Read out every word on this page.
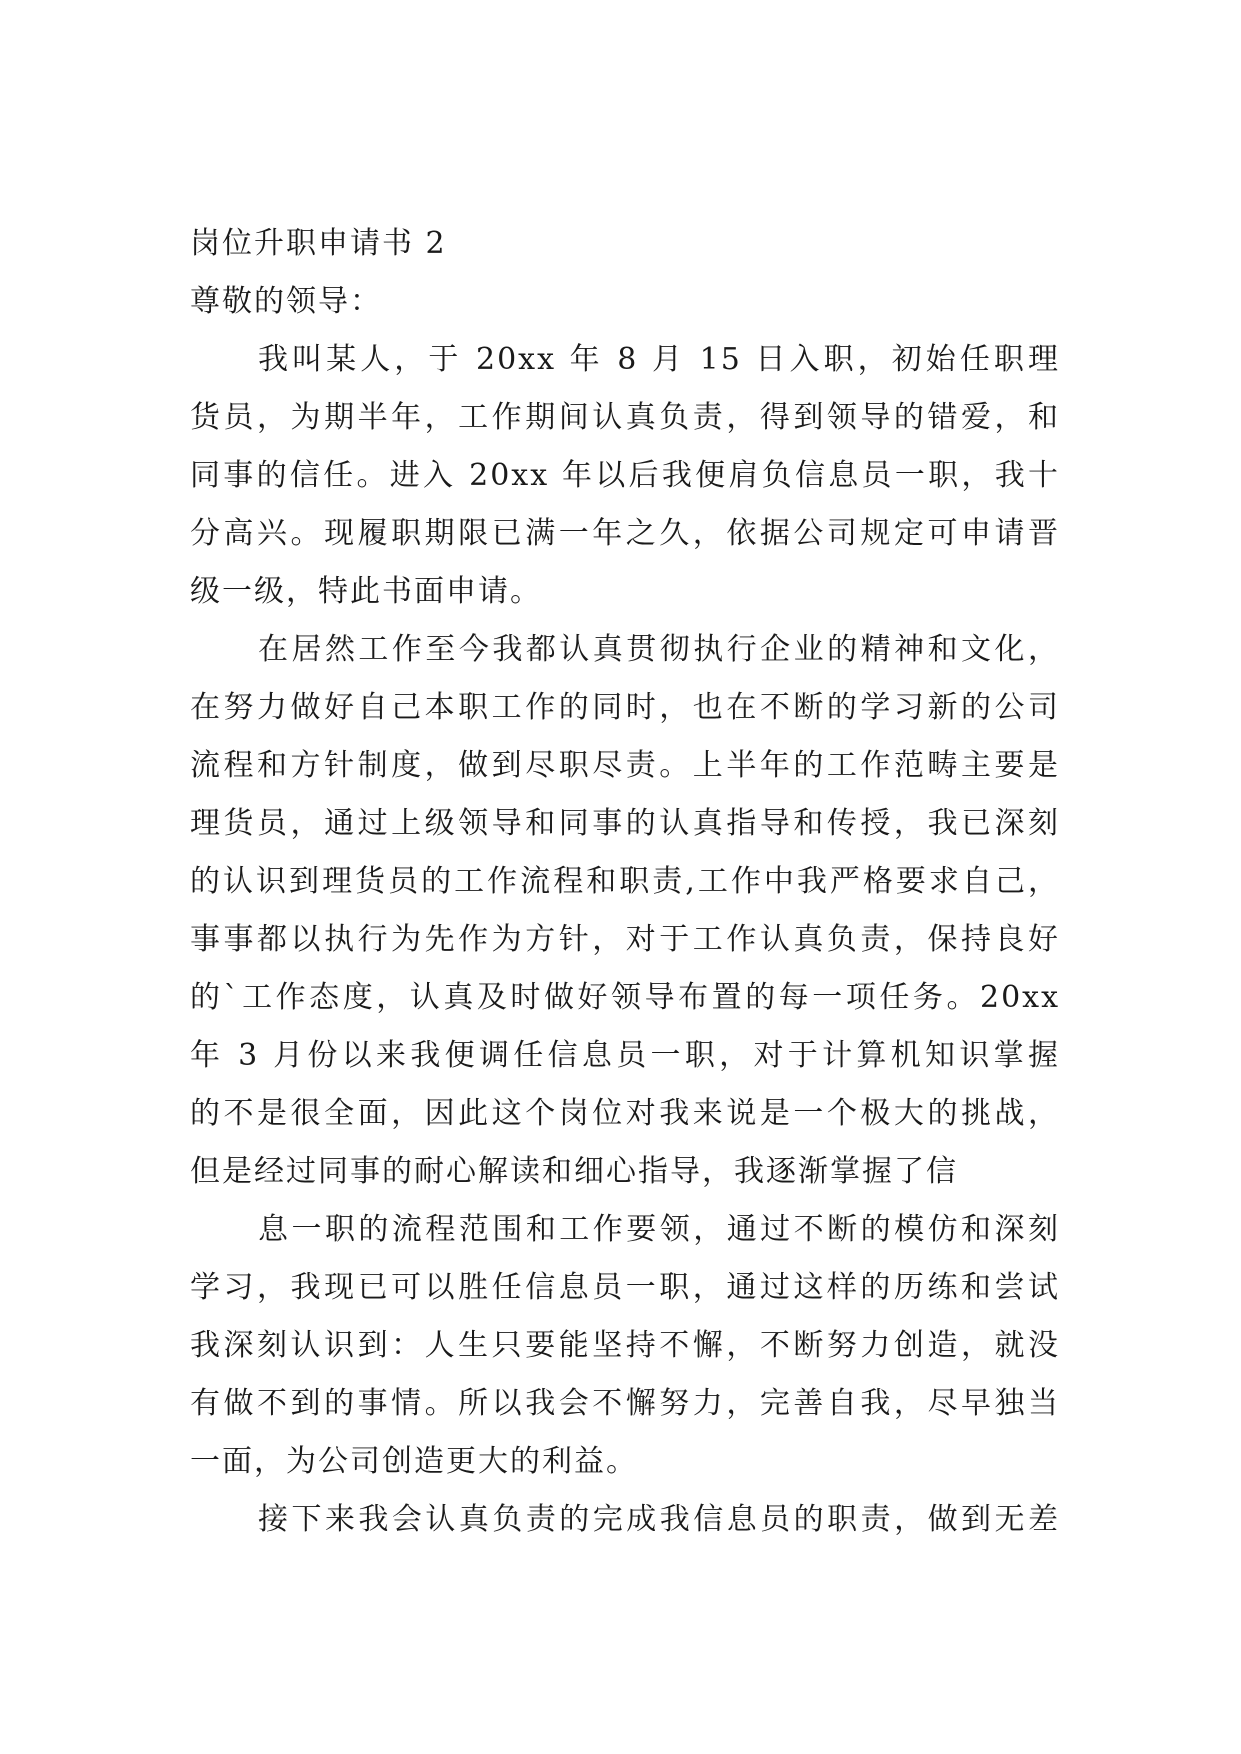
岗位升职申请书 2
尊敬的领导：
我叫某人，于 20xx 年 8 月 15 日入职，初始任职理
货员，为期半年，工作期间认真负责，得到领导的错爱，和
同事的信任。进入 20xx 年以后我便肩负信息员一职，我十
分高兴。现履职期限已满一年之久，依据公司规定可申请晋
级一级，特此书面申请。
在居然工作至今我都认真贯彻执行企业的精神和文化，
在努力做好自己本职工作的同时，也在不断的学习新的公司
流程和方针制度，做到尽职尽责。上半年的工作范畴主要是
理货员，通过上级领导和同事的认真指导和传授，我已深刻
的认识到理货员的工作流程和职责,工作中我严格要求自己，
事事都以执行为先作为方针，对于工作认真负责，保持良好
的`工作态度，认真及时做好领导布置的每一项任务。20xx
年 3 月份以来我便调任信息员一职，对于计算机知识掌握
的不是很全面，因此这个岗位对我来说是一个极大的挑战，
但是经过同事的耐心解读和细心指导，我逐渐掌握了信
息一职的流程范围和工作要领，通过不断的模仿和深刻
学习，我现已可以胜任信息员一职，通过这样的历练和尝试
我深刻认识到：人生只要能坚持不懈，不断努力创造，就没
有做不到的事情。所以我会不懈努力，完善自我，尽早独当
一面，为公司创造更大的利益。
接下来我会认真负责的完成我信息员的职责，做到无差
